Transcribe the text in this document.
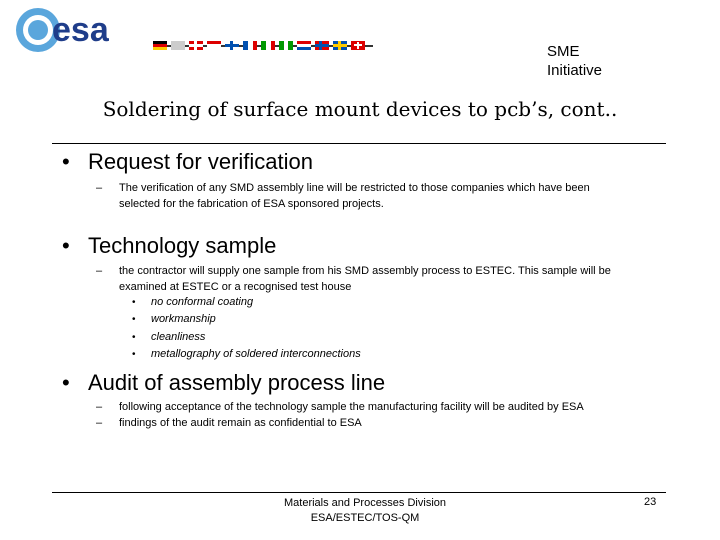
esa
SME
Initiative
Soldering of surface mount devices to pcb’s, cont..
• Request for verification
– The verification of any SMD assembly line will be restricted to those companies which have been
selected for the fabrication of ESA sponsored projects.
• Technology sample
– the contractor will supply one sample from his SMD assembly process to ESTEC. This sample will be
examined at ESTEC or a recognised test house
• no conformal coating
• workmanship
• cleanliness
• metallography of soldered interconnections
• Audit of assembly process line
– following acceptance of the technology sample the manufacturing facility will be audited by ESA
– findings of the audit remain as confidential to ESA
Materials and Processes Division
ESA/ESTEC/TOS-QM
23
